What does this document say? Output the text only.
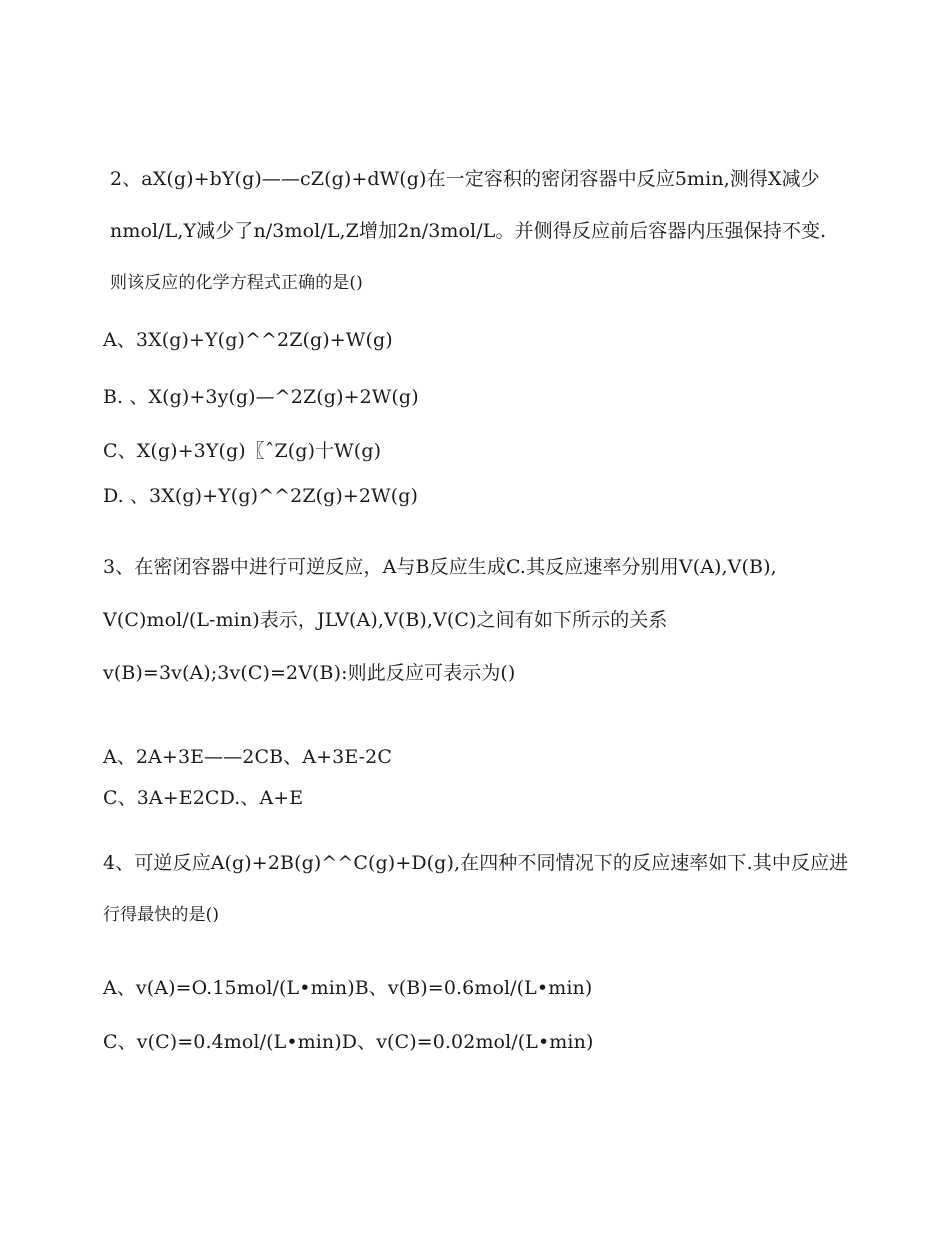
2、aX(g)+bY(g)——cZ(g)+dW(g)在一定容积的密闭容器中反应5min,测得X减少
nmol/L,Y减少了n/3mol/L,Z增加2n/3mol/L。并侧得反应前后容器内压强保持不变.
则该反应的化学方程式正确的是()
A、3X(g)+Y(g)^^2Z(g)+W(g)
B. 、X(g)+3y(g)—^2Z(g)+2W(g)
C、X(g)+3Y(g)〖ˆZ(g)十W(g)
D. 、3X(g)+Y(g)^^2Z(g)+2W(g)
3、在密闭容器中进行可逆反应，A与B反应生成C.其反应速率分别用V(A),V(B),
V(C)mol/(L-min)表示，JLV(A),V(B),V(C)之间有如下所示的关系
v(B)=3v(A);3v(C)=2V(B):则此反应可表示为()
A、2A+3E——2CB、A+3E-2C
C、3A+E2CD.、A+E
4、可逆反应A(g)+2B(g)^^C(g)+D(g),在四种不同情况下的反应速率如下.其中反应进
行得最快的是()
A、v(A)=O.15mol/(L•min)B、v(B)=0.6mol/(L•min)
C、v(C)=0.4mol/(L•min)D、v(C)=0.02mol/(L•min)
